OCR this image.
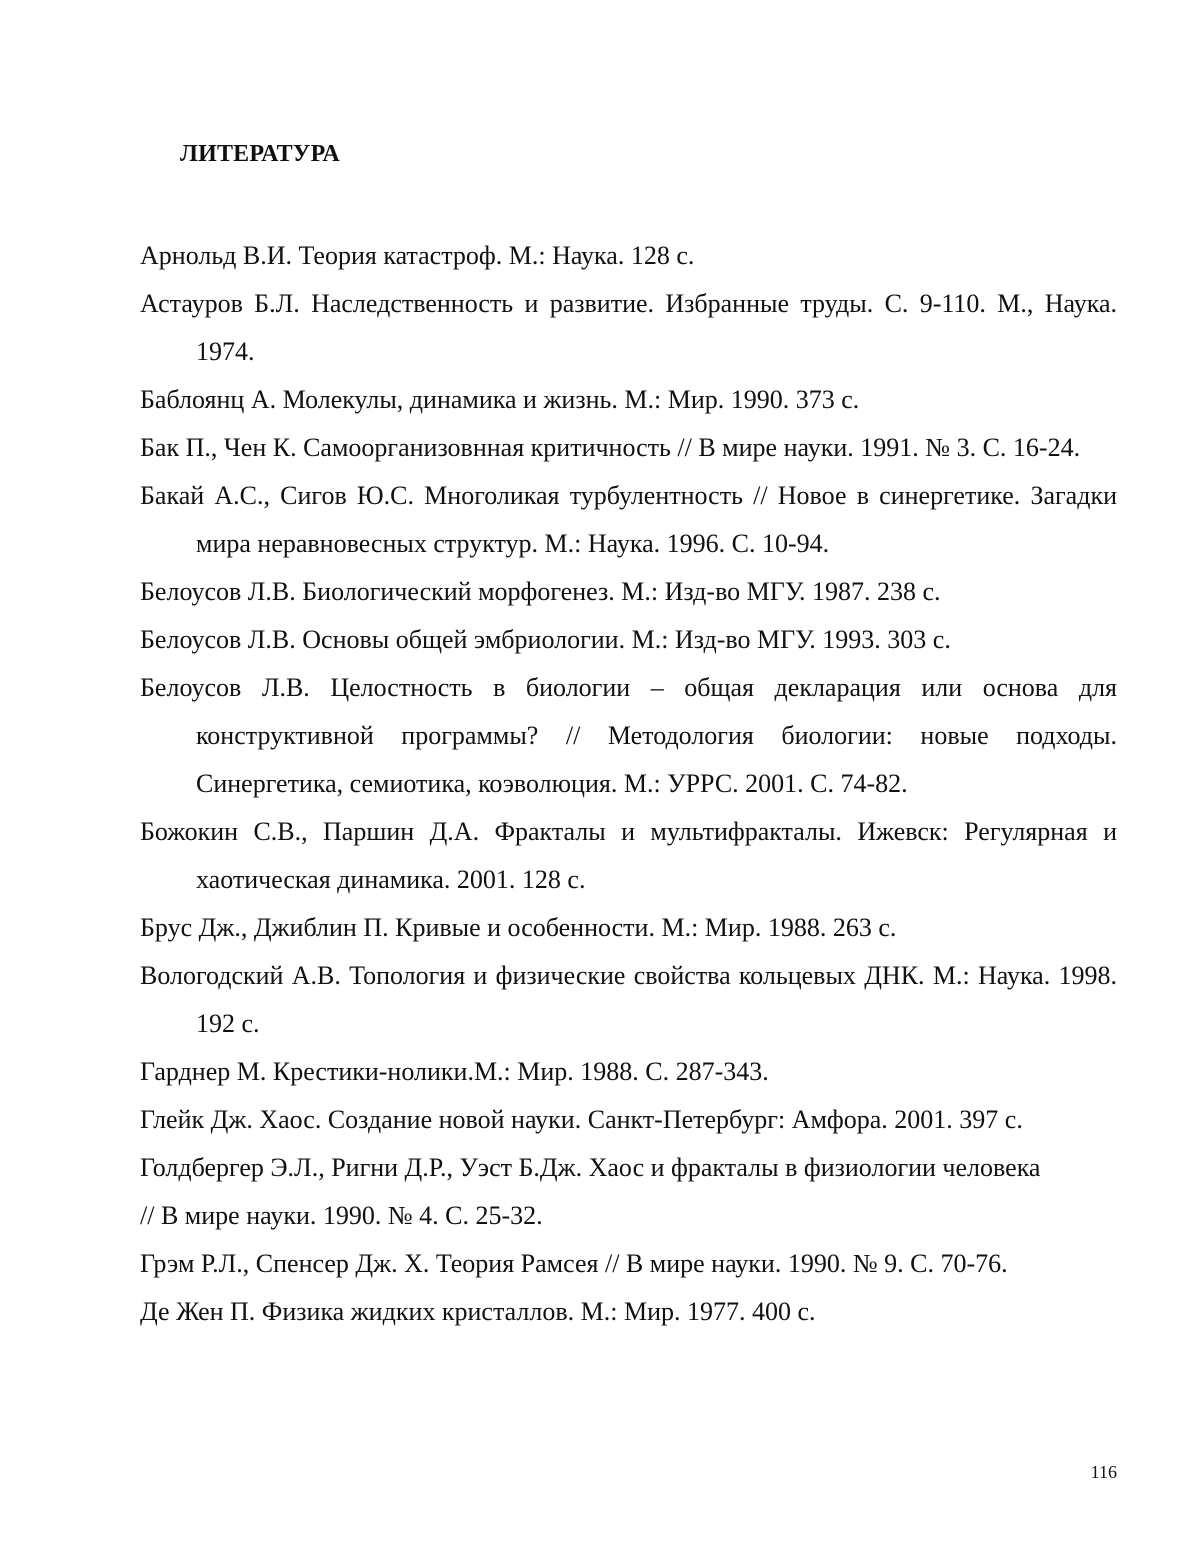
ЛИТЕРАТУРА
Арнольд В.И. Теория катастроф. М.: Наука. 128 с.
Астауров Б.Л. Наследственность и развитие. Избранные труды. С. 9-110. М., Наука. 1974.
Баблоянц А. Молекулы, динамика и жизнь. М.: Мир. 1990. 373 с.
Бак П., Чен К. Самоорганизовнная критичность // В мире науки. 1991. № 3. С. 16-24.
Бакай А.С., Сигов Ю.С. Многоликая турбулентность // Новое в синергетике. Загадки мира неравновесных структур. М.: Наука. 1996. С. 10-94.
Белоусов Л.В. Биологический морфогенез. М.: Изд-во МГУ. 1987. 238 с.
Белоусов Л.В. Основы общей эмбриологии. М.: Изд-во МГУ. 1993. 303 с.
Белоусов Л.В. Целостность в биологии – общая декларация или основа для конструктивной программы? // Методология биологии: новые подходы. Синергетика, семиотика, коэволюция. М.: УРРС. 2001. С. 74-82.
Божокин С.В., Паршин Д.А. Фракталы и мультифракталы. Ижевск: Регулярная и хаотическая динамика. 2001. 128 с.
Брус Дж., Джиблин П. Кривые и особенности. М.: Мир. 1988. 263 с.
Вологодский А.В. Топология и физические свойства кольцевых ДНК. М.: Наука. 1998. 192 с.
Гарднер М. Крестики-нолики.М.: Мир. 1988. С. 287-343.
Глейк Дж. Хаос. Создание новой науки. Санкт-Петербург: Амфора. 2001. 397 с.
Голдбергер Э.Л., Ригни Д.Р., Уэст Б.Дж. Хаос и фракталы в физиологии человека
// В мире науки. 1990. № 4. С. 25-32.
Грэм Р.Л., Спенсер Дж. Х. Теория Рамсея // В мире науки. 1990. № 9. С. 70-76.
Де Жен П. Физика жидких кристаллов. М.: Мир. 1977. 400 с.
116
